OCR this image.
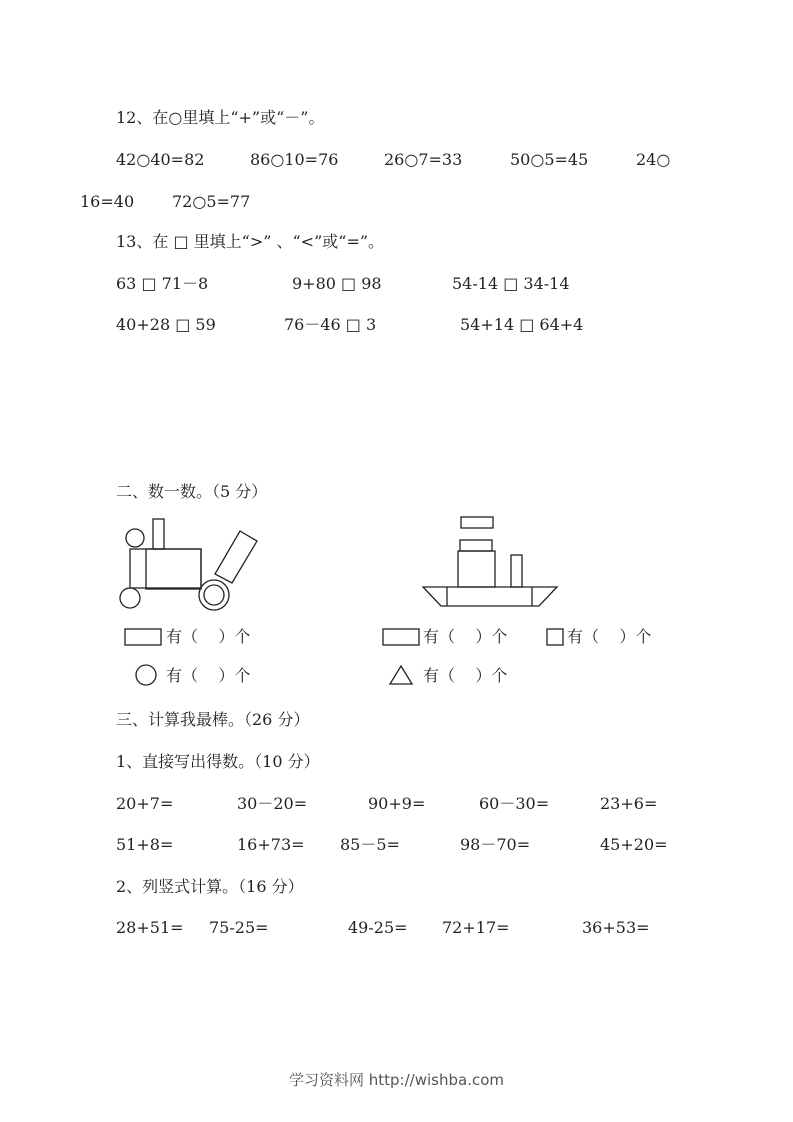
12、在○里填上“+”或“－”。
42○40=82	86○10=76	26○7=33	50○5=45	24○
16=40 72○5=77
13、在 □ 里填上“>” 、“<”或“=”。
63 □ 71－8	9+80 □ 98	54-14 □ 34-14
40+28 □ 59	76－46 □ 3	54+14 □ 64+4
二、数一数。（5 分）
有（    ）个	有（    ）个	有（    ）个
有（    ）个	有（    ）个
三、计算我最棒。（26 分）
1、直接写出得数。（10 分）
20+7=	30－20=	90+9=	60－30=	23+6=
51+8=	16+73= 85－5=	98－70=	45+20=
2、列竖式计算。（16 分）
28+51= 75-25=	49-25= 72+17=	36+53=
学习资料网 http://wishba.com
